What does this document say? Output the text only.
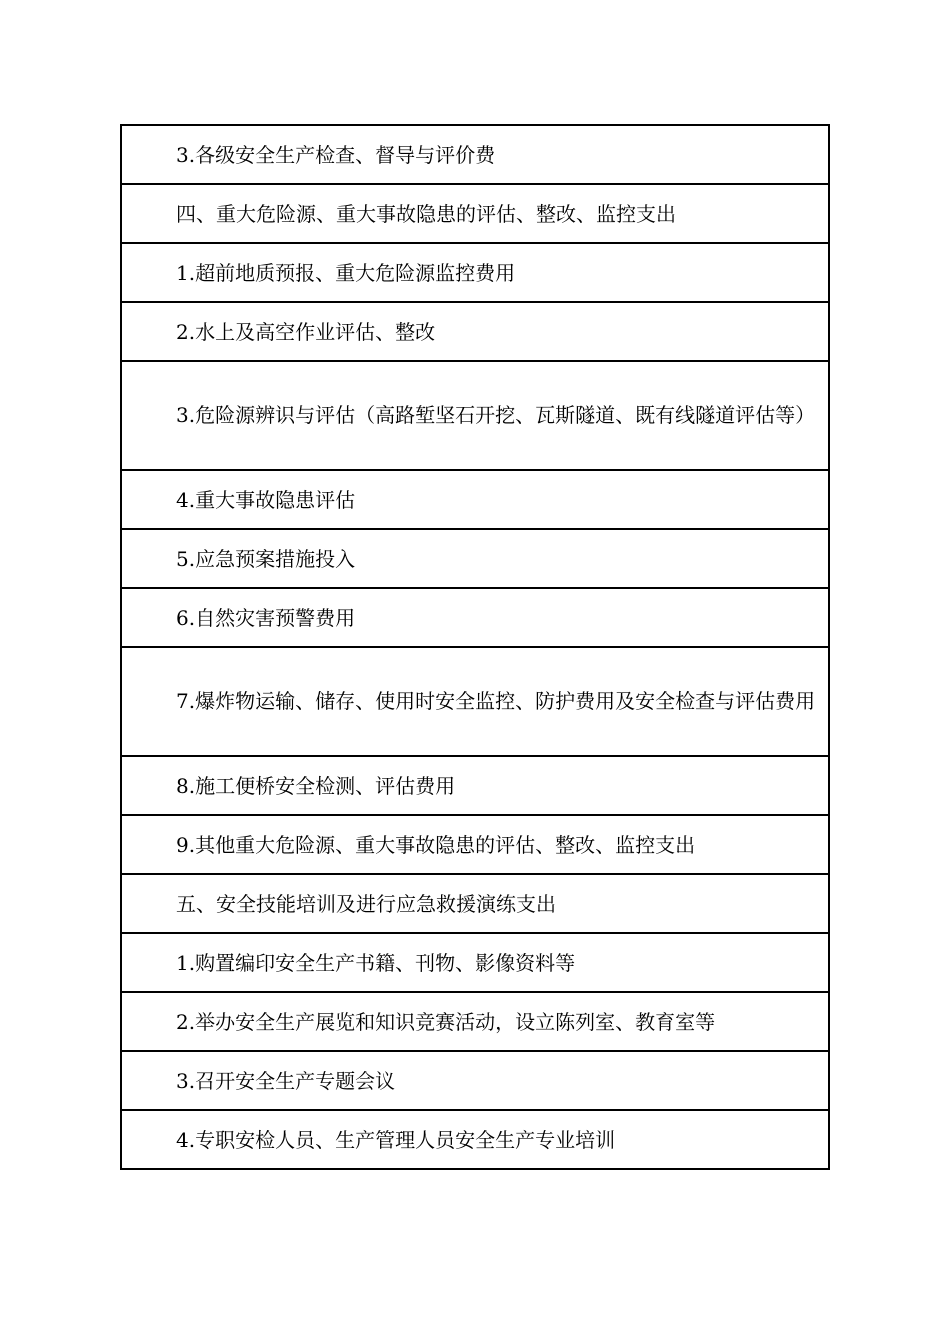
3.各级安全生产检查、督导与评价费
四、重大危险源、重大事故隐患的评估、整改、监控支出
1.超前地质预报、重大危险源监控费用
2.水上及高空作业评估、整改
3.危险源辨识与评估（高路堑坚石开挖、瓦斯隧道、既有线隧道评估等）
4.重大事故隐患评估
5.应急预案措施投入
6.自然灾害预警费用
7.爆炸物运输、储存、使用时安全监控、防护费用及安全检查与评估费用
8.施工便桥安全检测、评估费用
9.其他重大危险源、重大事故隐患的评估、整改、监控支出
五、安全技能培训及进行应急救援演练支出
1.购置编印安全生产书籍、刊物、影像资料等
2.举办安全生产展览和知识竞赛活动，设立陈列室、教育室等
3.召开安全生产专题会议
4.专职安检人员、生产管理人员安全生产专业培训
